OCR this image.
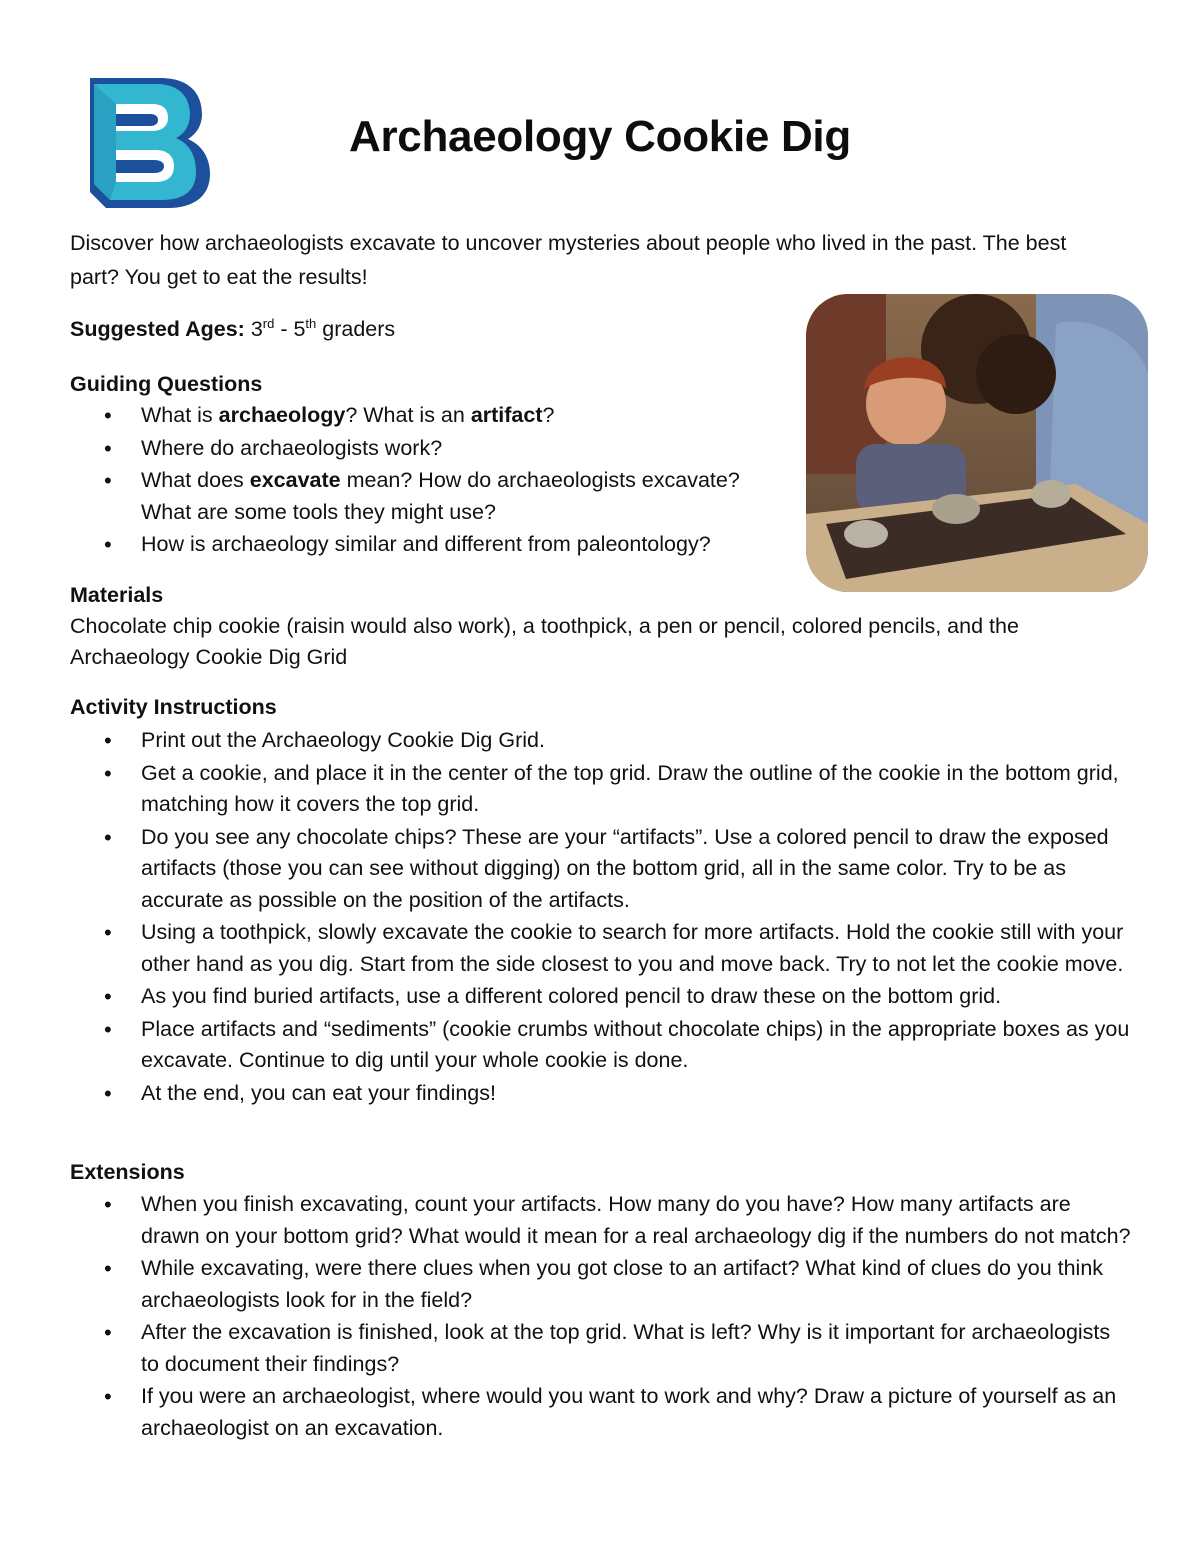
Archaeology Cookie Dig

Discover how archaeologists excavate to uncover mysteries about people who lived in the past. The best part? You get to eat the results!

Suggested Ages: 3rd - 5th graders

Guiding Questions

• What is archaeology? What is an artifact?
• Where do archaeologists work?
• What does excavate mean? How do archaeologists excavate?
What are some tools they might use?
• How is archaeology similar and different from paleontology?

Materials

Chocolate chip cookie (raisin would also work), a toothpick, a pen or pencil, colored pencils, and the

Archaeology Cookie Dig Grid

Activity Instructions

• Print out the Archaeology Cookie Dig Grid.
• Get a cookie, and place it in the center of the top grid. Draw the outline of the cookie in the bottom grid, matching how it covers the top grid.
• Do you see any chocolate chips? These are your “artifacts”. Use a colored pencil to draw the exposed artifacts (those you can see without digging) on the bottom grid, all in the same color. Try to be as accurate as possible on the position of the artifacts.
• Using a toothpick, slowly excavate the cookie to search for more artifacts. Hold the cookie still with your other hand as you dig. Start from the side closest to you and move back. Try to not let the cookie move.
• As you find buried artifacts, use a different colored pencil to draw these on the bottom grid.
• Place artifacts and “sediments” (cookie crumbs without chocolate chips) in the appropriate boxes as you excavate. Continue to dig until your whole cookie is done.
• At the end, you can eat your findings!

Extensions

• When you finish excavating, count your artifacts. How many do you have? How many artifacts are drawn on your bottom grid? What would it mean for a real archaeology dig if the numbers do not match?
• While excavating, were there clues when you got close to an artifact? What kind of clues do you think archaeologists look for in the field?
• After the excavation is finished, look at the top grid. What is left? Why is it important for archaeologists to document their findings?
• If you were an archaeologist, where would you want to work and why? Draw a picture of yourself as an archaeologist on an excavation.
